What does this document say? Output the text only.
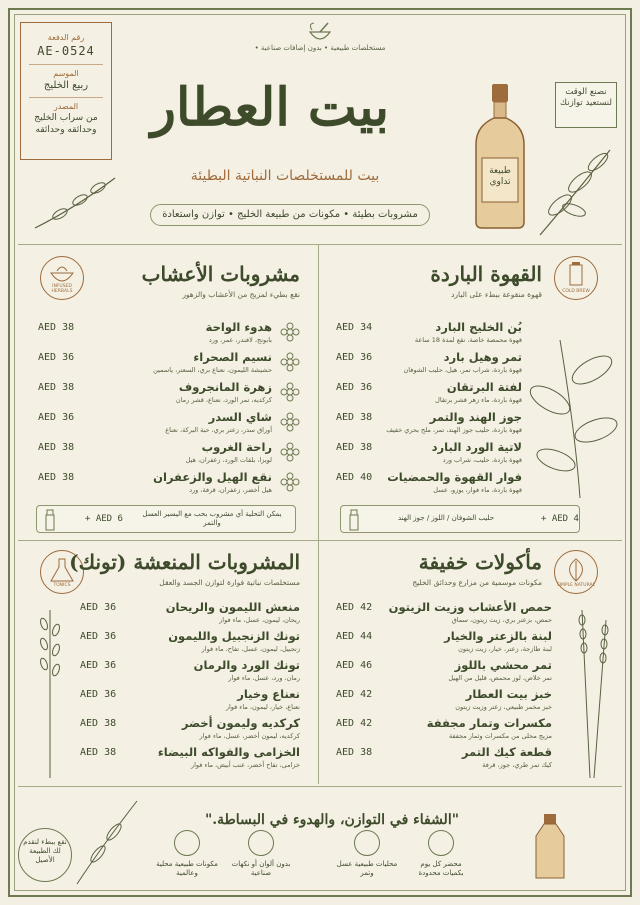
رقم الدفعة
AE-0524
الموسم
ربيع الخليج
المصدر
من سراب الخليج وحدائقه وحدائقه
مستخلصات طبيعية • بدون إضافات صناعية •
بيت العطار
بيت للمستخلصات النباتية البطيئة
مشروبات بطيئة • مكونات من طبيعة الخليج • توازن واستعادة
طبيعة تداوي
نصنع الوقت لنستعيد توازنك
COLD BREW
القهوة الباردة
قهوة منقوعة ببطء على البارد
بُن الخليج البارد
قهوة محمصة خاصة، نقع لمدة 18 ساعة
AED 34
تمر وهيل بارد
قهوة باردة، شراب تمر، هيل، حليب الشوفان
AED 36
لفتة البرتقان
قهوة باردة، ماء زهر قشر برتقال
AED 36
جوز الهند والتمر
قهوة باردة، حليب جوز الهند، تمر، ملح بحري خفيف
AED 38
لاتية الورد البارد
قهوة باردة، حليب، شراب ورد
AED 38
فوار القهوة والحمضيات
قهوة باردة، ماء فوار، يوزو، عسل
AED 40
+ AED 4
حليب الشوفان / اللوز / جوز الهند
INFUSED HERBALS
مشروبات الأعشاب
نقع بطيء لمزيج من الأعشاب والزهور
هدوء الواحة
بابونج، لافندر، عمر، ورد
AED 38
نسيم الصحراء
حشيشة الليمون، نعناع بري، السعتر، ياسمين
AED 36
زهرة المانجروف
كركديه، تمر الورد، نعناع، قشر رمان
AED 38
شاي السدر
أوراق سدر، زعتر بري، حبة البركة، نعناع
AED 36
راحة الغروب
لويزا، بلقات الورد، زعفران، هيل
AED 38
نقع الهيل والزعفران
هيل أخضر، زعفران، قرفة، ورد
AED 38
+ AED 6	يمكن التحلية أي مشروب بحب مع اليسير العسل والتمر
SIMPLE NATURAL
مأكولات خفيفة
مكونات موسمية من مزارع وحدائق الخليج
حمص الأعشاب وزيت الزيتون
حمص، بزعتر بري، زيت زيتون، سماق
AED 42
لبنة بالزعتر والخيار
لبنة طازجة، زعتر، خيار، زيت زيتون
AED 44
تمر محشي باللوز
تمر خلاص، لوز محمص، قليل من الهيل
AED 46
خبز بيت العطار
خبز مخمر طبيعي، زعتر وزيت زيتون
AED 42
مكسرات وتمار مجففة
مزيج محلى من مكسرات وثمار مجففة
AED 42
قطعة كيك التمر
كيك تمر طري، جوز، قرفة
AED 38
TONICS
المشروبات المنعشة (تونك)
مستخلصات نباتية فوارة لتوازن الجسد والعقل
منعش الليمون والريحان
ريحان، ليمون، عسل، ماء فوار
AED 36
تونك الزنجبيل والليمون
زنجبيل، ليمون، عسل، تفاح، ماء فوار
AED 36
تونك الورد والرمان
رمان، ورد، عسل، ماء فوار
AED 36
نعناع وخيار
نعناع، خيار، ليمون، ماء فوار
AED 36
كركديه وليمون أخضر
كركديه، ليمون أخضر، عسل، ماء فوار
AED 38
الخزامى والفواكه البيضاء
خزامى، تفاح أخضر، عنب أبيض، ماء فوار
AED 38
"الشفاء في التوازن، والهدوء في البساطة."
محضر كل يوم بكميات محدودة
محليات طبيعية عسل وتمر
بدون ألوان أو نكهات صناعية
مكونات طبيعية محلية وعالمية
نقع ببطء لنقدم لك الطبيعة الأصيل
